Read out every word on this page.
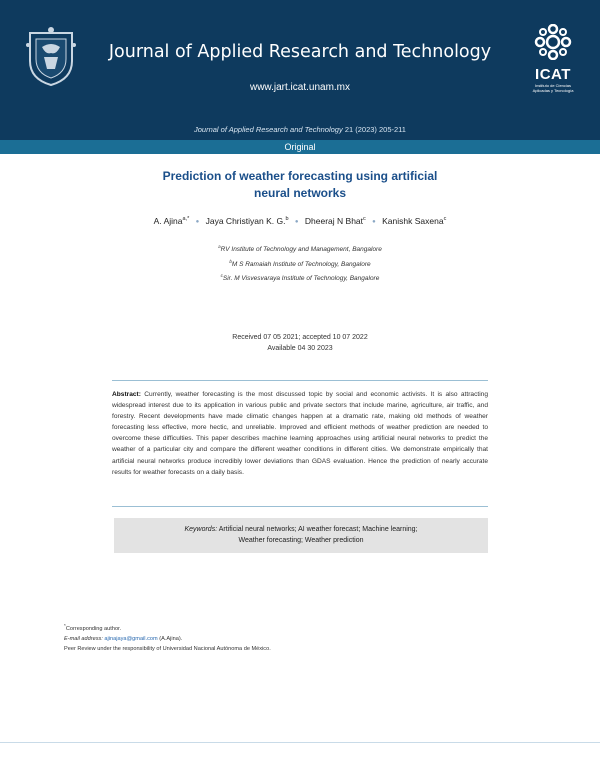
Journal of Applied Research and Technology
www.jart.icat.unam.mx
ICAT
Instituto de Ciencias
Aplicadas y Tecnología
Journal of Applied Research and Technology 21 (2023) 205-211
Original
Prediction of weather forecasting using artificial
neural networks
A. Ajina$^{a,*}$ ● Jaya Christiyan K. G.$^b$ ● Dheeraj N Bhat$^c$ ● Kanishk Saxena$^c$
$^a$RV Institute of Technology and Management, Bangalore
$^b$M S Ramaiah Institute of Technology, Bangalore
$^c$Sir. M Visvesvaraya Institute of Technology, Bangalore
Received 07 05 2021; accepted 10 07 2022
Available 04 30 2023
Abstract: Currently, weather forecasting is the most discussed topic by social and economic activists. It is also attracting widespread interest due to its application in various public and private sectors that include marine, agriculture, air traffic, and forestry. Recent developments have made climatic changes happen at a dramatic rate, making old methods of weather forecasting less effective, more hectic, and unreliable. Improved and efficient methods of weather prediction are needed to overcome these difficulties. This paper describes machine learning approaches using artificial neural networks to predict the weather of a particular city and compare the different weather conditions in different cities. We demonstrate empirically that artificial neural networks produce incredibly lower deviations than GDAS evaluation. Hence the prediction of nearly accurate results for weather forecasts on a daily basis.
Keywords: Artificial neural networks; AI weather forecast; Machine learning;
Weather forecasting; Weather prediction
*Corresponding author.
E-mail address: ajinajaya@gmail.com (A.Ajina).
Peer Review under the responsibility of Universidad Nacional Autónoma de México.
